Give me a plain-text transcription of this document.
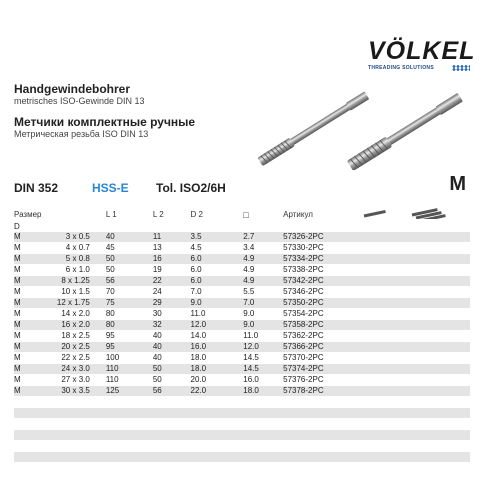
VÖLKEL
THREADING SOLUTIONS
Handgewindebohrer
metrisches ISO-Gewinde DIN 13
Метчики комплектные ручные
Метрическая резьба ISO DIN 13
DIN 352	HSS-E Tol. ISO2/6H	M
Размер		L 1	L 2	D 2	□	Артикул	
D							
M	3 x 0.5	40	11	3.5	2.7	57326-2PC	
M	4 x 0.7	45	13	4.5	3.4	57330-2PC	
M	5 x 0.8	50	16	6.0	4.9	57334-2PC	
M	6 x 1.0	50	19	6.0	4.9	57338-2PC	
M	8 x 1.25	56	22	6.0	4.9	57342-2PC	
M	10 x 1.5	70	24	7.0	5.5	57346-2PC	
M	12 x 1.75	75	29	9.0	7.0	57350-2PC	
M	14 x 2.0	80	30	11.0	9.0	57354-2PC	
M	16 x 2.0	80	32	12.0	9.0	57358-2PC	
M	18 x 2.5	95	40	14.0	11.0	57362-2PC	
M	20 x 2.5	95	40	16.0	12.0	57366-2PC	
M	22 x 2.5	100	40	18.0	14.5	57370-2PC	
M	24 x 3.0	110	50	18.0	14.5	57374-2PC	
M	27 x 3.0	110	50	20.0	16.0	57376-2PC	
M	30 x 3.5	125	56	22.0	18.0	57378-2PC	
